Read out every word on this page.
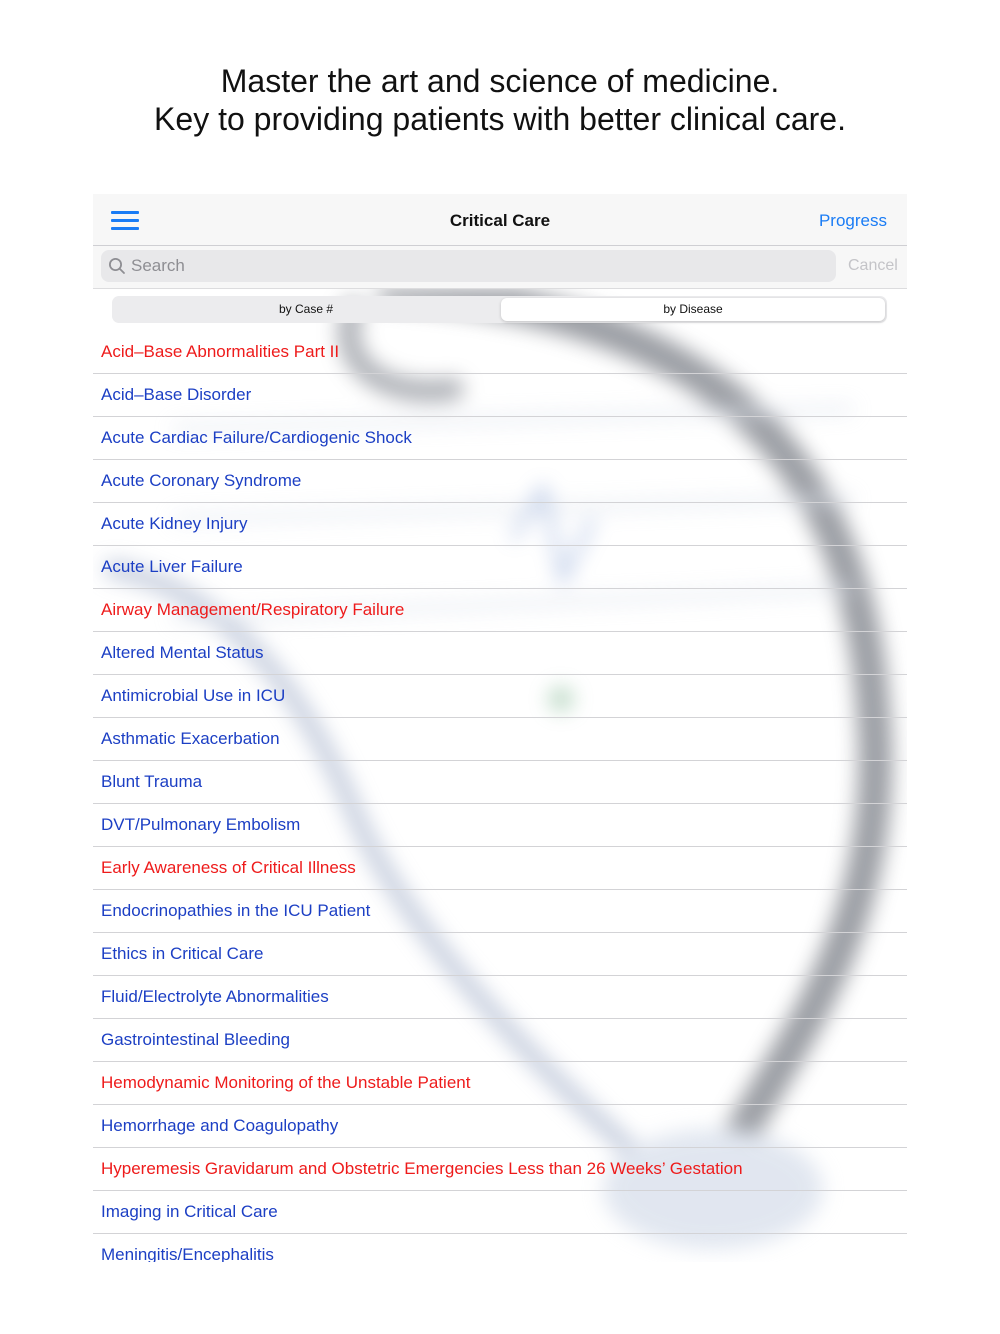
Master the art and science of medicine.
Key to providing patients with better clinical care.
Critical Care	Progress
Search
Cancel
by Case #	by Disease
Acid–Base Abnormalities Part II
Acid–Base Disorder
Acute Cardiac Failure/Cardiogenic Shock
Acute Coronary Syndrome
Acute Kidney Injury
Acute Liver Failure
Airway Management/Respiratory Failure
Altered Mental Status
Antimicrobial Use in ICU
Asthmatic Exacerbation
Blunt Trauma
DVT/Pulmonary Embolism
Early Awareness of Critical Illness
Endocrinopathies in the ICU Patient
Ethics in Critical Care
Fluid/Electrolyte Abnormalities
Gastrointestinal Bleeding
Hemodynamic Monitoring of the Unstable Patient
Hemorrhage and Coagulopathy
Hyperemesis Gravidarum and Obstetric Emergencies Less than 26 Weeks’ Gestation
Imaging in Critical Care
Meningitis/Encephalitis
